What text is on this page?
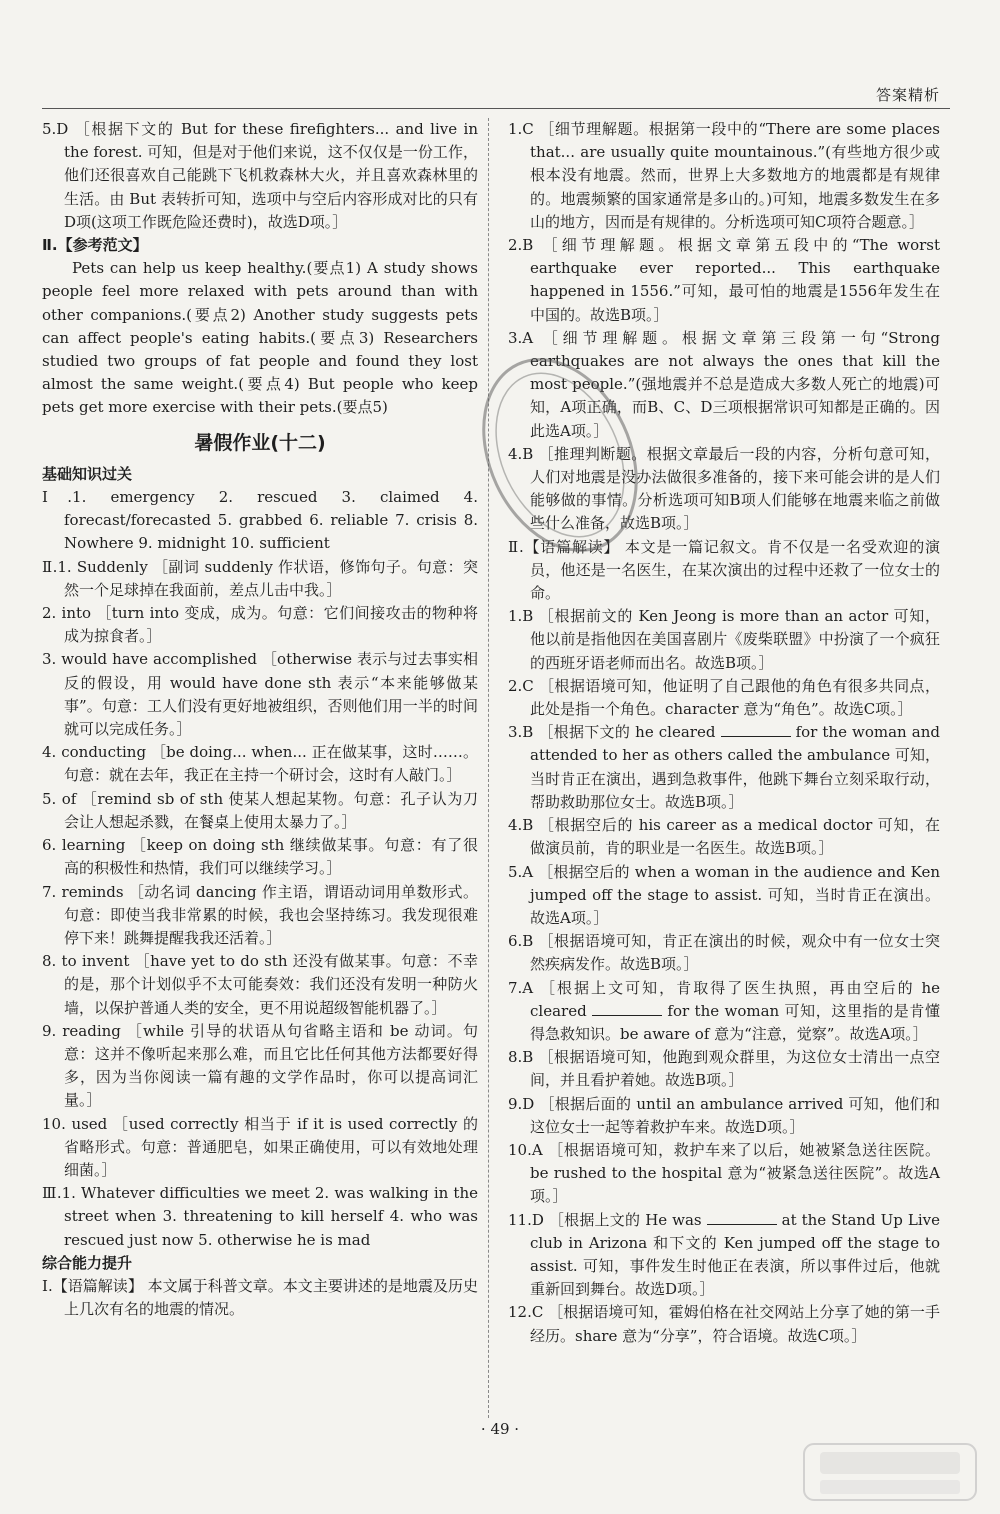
答案精析

5.D ［根据下文的 But for these firefighters... and live in the forest. 可知，但是对于他们来说，这不仅仅是一份工作，他们还很喜欢自己能跳下飞机救森林大火，并且喜欢森林里的生活。由 But 表转折可知，选项中与空后内容形成对比的只有D项(这项工作既危险还费时)，故选D项。］

Ⅱ.【参考范文】

Pets can help us keep healthy.(要点1) A study shows people feel more relaxed with pets around than with other companions.(要点2) Another study suggests pets can affect people's eating habits.(要点3) Researchers studied two groups of fat people and found they lost almost the same weight.(要点4) But people who keep pets get more exercise with their pets.(要点5)

暑假作业(十二)
基础知识过关

Ⅰ.1. emergency 2. rescued 3. claimed 4. forecast/forecasted 5. grabbed 6. reliable 7. crisis 8. Nowhere 9. midnight 10. sufficient

Ⅱ.1. Suddenly ［副词 suddenly 作状语，修饰句子。句意：突然一个足球掉在我面前，差点儿击中我。］

2. into ［turn into 变成，成为。句意：它们间接攻击的物种将成为掠食者。］

3. would have accomplished ［otherwise 表示与过去事实相反的假设，用 would have done sth 表示“本来能够做某事”。句意：工人们没有更好地被组织，否则他们用一半的时间就可以完成任务。］

4. conducting ［be doing... when... 正在做某事，这时……。句意：就在去年，我正在主持一个研讨会，这时有人敲门。］

5. of ［remind sb of sth 使某人想起某物。句意：孔子认为刀会让人想起杀戮，在餐桌上使用太暴力了。］

6. learning ［keep on doing sth 继续做某事。句意：有了很高的积极性和热情，我们可以继续学习。］

7. reminds ［动名词 dancing 作主语，谓语动词用单数形式。句意：即使当我非常累的时候，我也会坚持练习。我发现很难停下来！跳舞提醒我我还活着。］

8. to invent ［have yet to do sth 还没有做某事。句意：不幸的是，那个计划似乎不太可能奏效：我们还没有发明一种防火墙，以保护普通人类的安全，更不用说超级智能机器了。］

9. reading ［while 引导的状语从句省略主语和 be 动词。句意：这并不像听起来那么难，而且它比任何其他方法都要好得多，因为当你阅读一篇有趣的文学作品时，你可以提高词汇量。］

10. used ［used correctly 相当于 if it is used correctly 的省略形式。句意：普通肥皂，如果正确使用，可以有效地处理细菌。］

Ⅲ.1. Whatever difficulties we meet 2. was walking in the street when 3. threatening to kill herself 4. who was rescued just now 5. otherwise he is mad

综合能力提升

Ⅰ.【语篇解读】 本文属于科普文章。本文主要讲述的是地震及历史上几次有名的地震的情况。

1.C ［细节理解题。根据第一段中的“There are some places that... are usually quite mountainous.”(有些地方很少或根本没有地震。然而，世界上大多数地方的地震都是有规律的。地震频繁的国家通常是多山的。)可知，地震多数发生在多山的地方，因而是有规律的。分析选项可知C项符合题意。］

2.B ［细节理解题。根据文章第五段中的“The worst earthquake ever reported... This earthquake happened in 1556.”可知，最可怕的地震是1556年发生在中国的。故选B项。］

3.A ［细节理解题。根据文章第三段第一句“Strong earthquakes are not always the ones that kill the most people.”(强地震并不总是造成大多数人死亡的地震)可知，A项正确，而B、C、D三项根据常识可知都是正确的。因此选A项。］

4.B ［推理判断题。根据文章最后一段的内容，分析句意可知，人们对地震是没办法做很多准备的，接下来可能会讲的是人们能够做的事情。分析选项可知B项人们能够在地震来临之前做些什么准备，故选B项。］

Ⅱ.【语篇解读】 本文是一篇记叙文。肯不仅是一名受欢迎的演员，他还是一名医生，在某次演出的过程中还救了一位女士的命。

1.B ［根据前文的 Ken Jeong is more than an actor 可知，他以前是指他因在美国喜剧片《废柴联盟》中扮演了一个疯狂的西班牙语老师而出名。故选B项。］

2.C ［根据语境可知，他证明了自己跟他的角色有很多共同点，此处是指一个角色。character 意为“角色”。故选C项。］

3.B ［根据下文的 he cleared	for the woman and attended to her as others called the ambulance 可知，当时肯正在演出，遇到急救事件，他跳下舞台立刻采取行动，帮助救助那位女士。故选B项。］

4.B ［根据空后的 his career as a medical doctor 可知，在做演员前，肯的职业是一名医生。故选B项。］

5.A ［根据空后的 when a woman in the audience and Ken jumped off the stage to assist. 可知，当时肯正在演出。故选A项。］

6.B ［根据语境可知，肯正在演出的时候，观众中有一位女士突然疾病发作。故选B项。］

7.A ［根据上文可知，肯取得了医生执照，再由空后的 he cleared	for the woman 可知，这里指的是肯懂得急救知识。be aware of 意为“注意，觉察”。故选A项。］

8.B ［根据语境可知，他跑到观众群里，为这位女士清出一点空间，并且看护着她。故选B项。］

9.D ［根据后面的 until an ambulance arrived 可知，他们和这位女士一起等着救护车来。故选D项。］

10.A ［根据语境可知，救护车来了以后，她被紧急送往医院。be rushed to the hospital 意为“被紧急送往医院”。故选A项。］

11.D ［根据上文的 He was	at the Stand Up Live club in Arizona 和下文的 Ken jumped off the stage to assist. 可知，事件发生时他正在表演，所以事件过后，他就重新回到舞台。故选D项。］

12.C ［根据语境可知，霍姆伯格在社交网站上分享了她的第一手经历。share 意为“分享”，符合语境。故选C项。］

· 49 ·
